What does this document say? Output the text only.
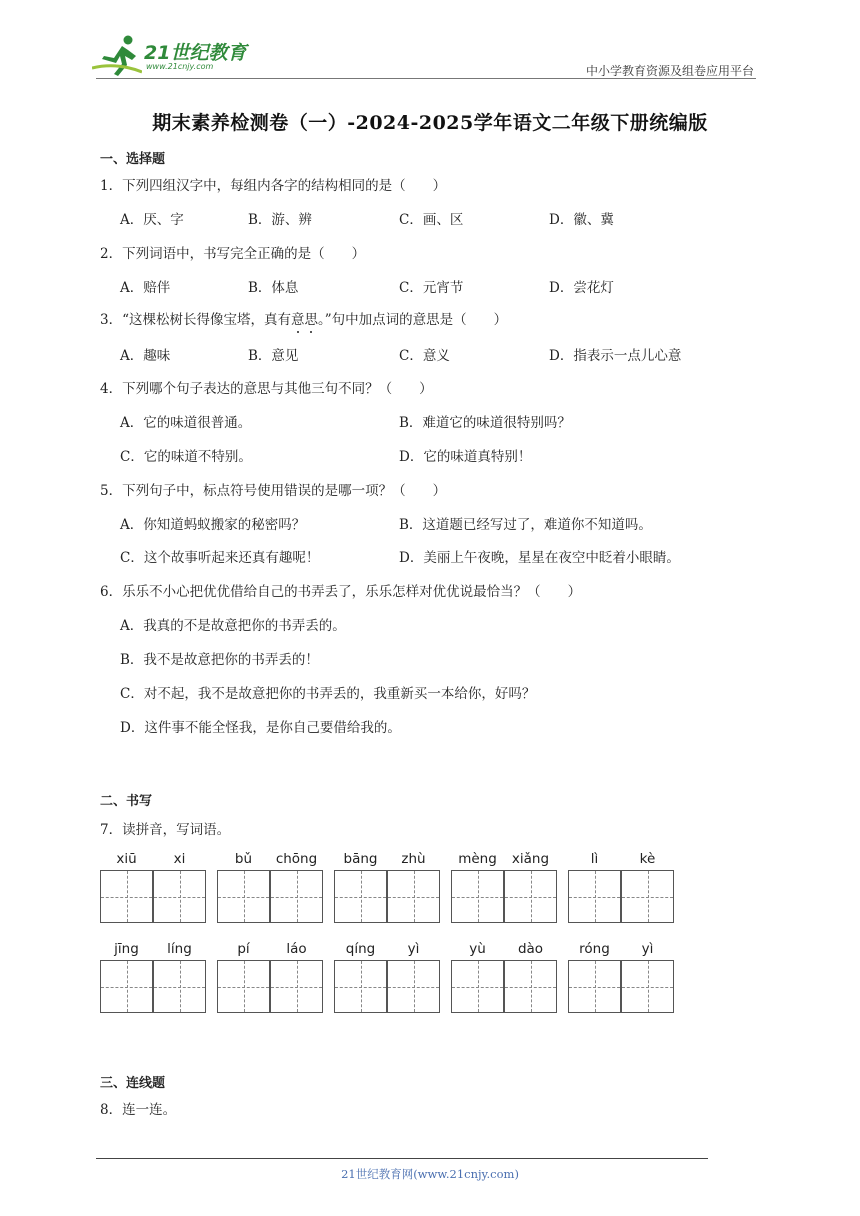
21世纪教育
www.21cnjy.com	中小学教育资源及组卷应用平台
期末素养检测卷（一）-2024-2025学年语文二年级下册统编版
一、选择题
1．下列四组汉字中，每组内各字的结构相同的是（　　）
A．厌、字	B．游、辨	C．画、区	D．徽、冀
2．下列词语中，书写完全正确的是（　　）
A．赔伴	B．体息	C．元宵节	D．尝花灯
3．“这棵松树长得像宝塔，真有意思。”句中加点词的意思是（　　）
A．趣味	B．意见	C．意义	D．指表示一点儿心意
4．下列哪个句子表达的意思与其他三句不同？（　　）
A．它的味道很普通。	B．难道它的味道很特别吗？
C．它的味道不特别。	D．它的味道真特别！
5．下列句子中，标点符号使用错误的是哪一项？（　　）
A．你知道蚂蚁搬家的秘密吗？	B．这道题已经写过了，难道你不知道吗。
C．这个故事听起来还真有趣呢！	D．美丽上午夜晚，星星在夜空中眨着小眼睛。
6．乐乐不小心把优优借给自己的书弄丢了，乐乐怎样对优优说最恰当？（　　）
A．我真的不是故意把你的书弄丢的。
B．我不是故意把你的书弄丢的！
C．对不起，我不是故意把你的书弄丢的，我重新买一本给你，好吗？
D．这件事不能全怪我，是你自己要借给我的。
二、书写
7．读拼音，写词语。
xiū	xi	bǔ	chōng	bāng	zhù	mèng	xiǎng	lì	kè
jīng	líng	pí	láo	qíng	yì	yù	dào	róng	yì
三、连线题
8．连一连。
21世纪教育网(www.21cnjy.com)
